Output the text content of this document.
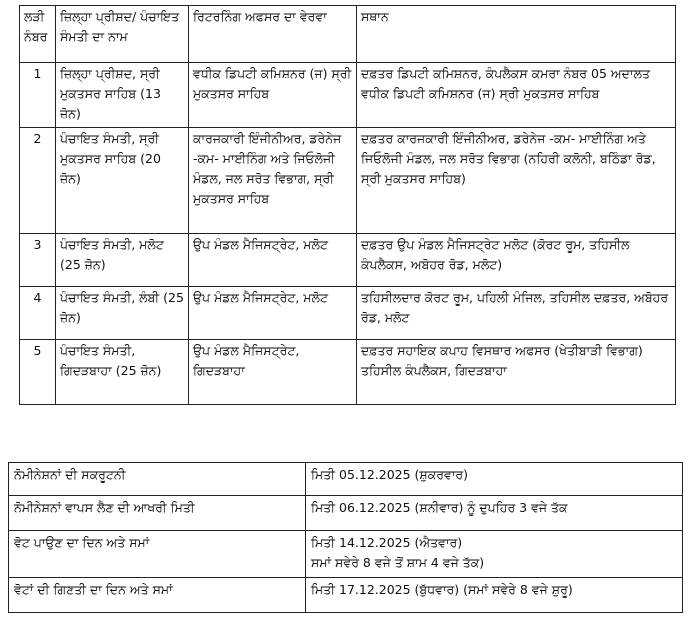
ਲੜੀ ਨੰਬਰ	ਜ਼ਿਲ੍ਹਾ ਪ੍ਰੀਸ਼ਦ/ ਪੰਚਾਇਤ ਸੰਮਤੀ ਦਾ ਨਾਮ	ਰਿਟਰਨਿੰਗ ਅਫਸਰ ਦਾ ਵੇਰਵਾ	ਸਥਾਨ
1	ਜ਼ਿਲ੍ਹਾ ਪ੍ਰੀਸ਼ਦ, ਸ੍ਰੀ ਮੁਕਤਸਰ ਸਾਹਿਬ (13 ਜ਼ੋਨ)	ਵਧੀਕ ਡਿਪਟੀ ਕਮਿਸ਼ਨਰ (ਜ) ਸ੍ਰੀ ਮੁਕਤਸਰ ਸਾਹਿਬ	ਦਫ਼ਤਰ ਡਿਪਟੀ ਕਮਿਸ਼ਨਰ, ਕੰਪਲੈਕਸ ਕਮਰਾ ਨੰਬਰ 05 ਅਦਾਲਤ ਵਧੀਕ ਡਿਪਟੀ ਕਮਿਸ਼ਨਰ (ਜ) ਸ੍ਰੀ ਮੁਕਤਸਰ ਸਾਹਿਬ
2	ਪੰਚਾਇਤ ਸੰਮਤੀ, ਸ੍ਰੀ ਮੁਕਤਸਰ ਸਾਹਿਬ (20 ਜ਼ੋਨ)	ਕਾਰਜਕਾਰੀ ਇੰਜੀਨੀਅਰ, ਡਰੇਨੇਜ -ਕਮ- ਮਾਈਨਿੰਗ ਅਤੇ ਜਿਓਲੋਜੀ ਮੰਡਲ, ਜਲ ਸਰੋਤ ਵਿਭਾਗ, ਸ੍ਰੀ ਮੁਕਤਸਰ ਸਾਹਿਬ	ਦਫ਼ਤਰ ਕਾਰਜਕਾਰੀ ਇੰਜੀਨੀਅਰ, ਡਰੇਨੇਜ -ਕਮ- ਮਾਈਨਿੰਗ ਅਤੇ ਜਿਓਲੋਜੀ ਮੰਡਲ, ਜਲ ਸਰੋਤ ਵਿਭਾਗ (ਨਹਿਰੀ ਕਲੋਨੀ, ਬਠਿੰਡਾ ਰੋਡ, ਸ੍ਰੀ ਮੁਕਤਸਰ ਸਾਹਿਬ)
3	ਪੰਚਾਇਤ ਸੰਮਤੀ, ਮਲੋਟ (25 ਜ਼ੋਨ)	ਉਪ ਮੰਡਲ ਮੈਜਿਸਟ੍ਰੇਟ, ਮਲੋਟ	ਦਫ਼ਤਰ ਉਪ ਮੰਡਲ ਮੈਜਿਸਟ੍ਰੇਟ ਮਲੋਟ (ਕੋਰਟ ਰੂਮ, ਤਹਿਸੀਲ ਕੰਪਲੈਕਸ, ਅਬੋਹਰ ਰੋਡ, ਮਲੋਟ)
4	ਪੰਚਾਇਤ ਸੰਮਤੀ, ਲੰਬੀ (25 ਜ਼ੋਨ)	ਉਪ ਮੰਡਲ ਮੈਜਿਸਟ੍ਰੇਟ, ਮਲੋਟ	ਤਹਿਸੀਲਦਾਰ ਕੋਰਟ ਰੂਮ, ਪਹਿਲੀ ਮੰਜਿਲ, ਤਹਿਸੀਲ ਦਫ਼ਤਰ, ਅਬੋਹਰ ਰੋਡ, ਮਲੋਟ
5	ਪੰਚਾਇਤ ਸੰਮਤੀ, ਗਿਦੜਬਾਹਾ (25 ਜ਼ੋਨ)	ਉਪ ਮੰਡਲ ਮੈਜਿਸਟ੍ਰੇਟ, ਗਿਦੜਬਾਹਾ	ਦਫ਼ਤਰ ਸਹਾਇਕ ਕਪਾਹ ਵਿਸਥਾਰ ਅਫਸਰ (ਖੇਤੀਬਾੜੀ ਵਿਭਾਗ) ਤਹਿਸੀਲ ਕੰਪਲੈਕਸ, ਗਿਦੜਬਾਹਾ
ਨੋਮੀਨੇਸ਼ਨਾਂ ਦੀ ਸਕਰੂਟਨੀ	ਮਿਤੀ 05.12.2025 (ਸ਼ੁਕਰਵਾਰ)

ਨੋਮੀਨੇਸ਼ਨਾਂ ਵਾਪਸ ਲੈਣ ਦੀ ਆਖਰੀ ਮਿਤੀ	ਮਿਤੀ 06.12.2025 (ਸ਼ਨੀਵਾਰ) ਨੂੰ ਦੁਪਹਿਰ 3 ਵਜੇ ਤੱਕ

ਵੋਟ ਪਾਉਣ ਦਾ ਦਿਨ ਅਤੇ ਸਮਾਂ	ਮਿਤੀ 14.12.2025 (ਐਤਵਾਰ)
ਸਮਾਂ ਸਵੇਰੇ 8 ਵਜੇ ਤੋਂ ਸ਼ਾਮ 4 ਵਜੇ ਤੱਕ)

ਵੋਟਾਂ ਦੀ ਗਿਣਤੀ ਦਾ ਦਿਨ ਅਤੇ ਸਮਾਂ	ਮਿਤੀ 17.12.2025 (ਬੁੱਧਵਾਰ) (ਸਮਾਂ ਸਵੇਰੇ 8 ਵਜੇ ਸ਼ੁਰੂ)
